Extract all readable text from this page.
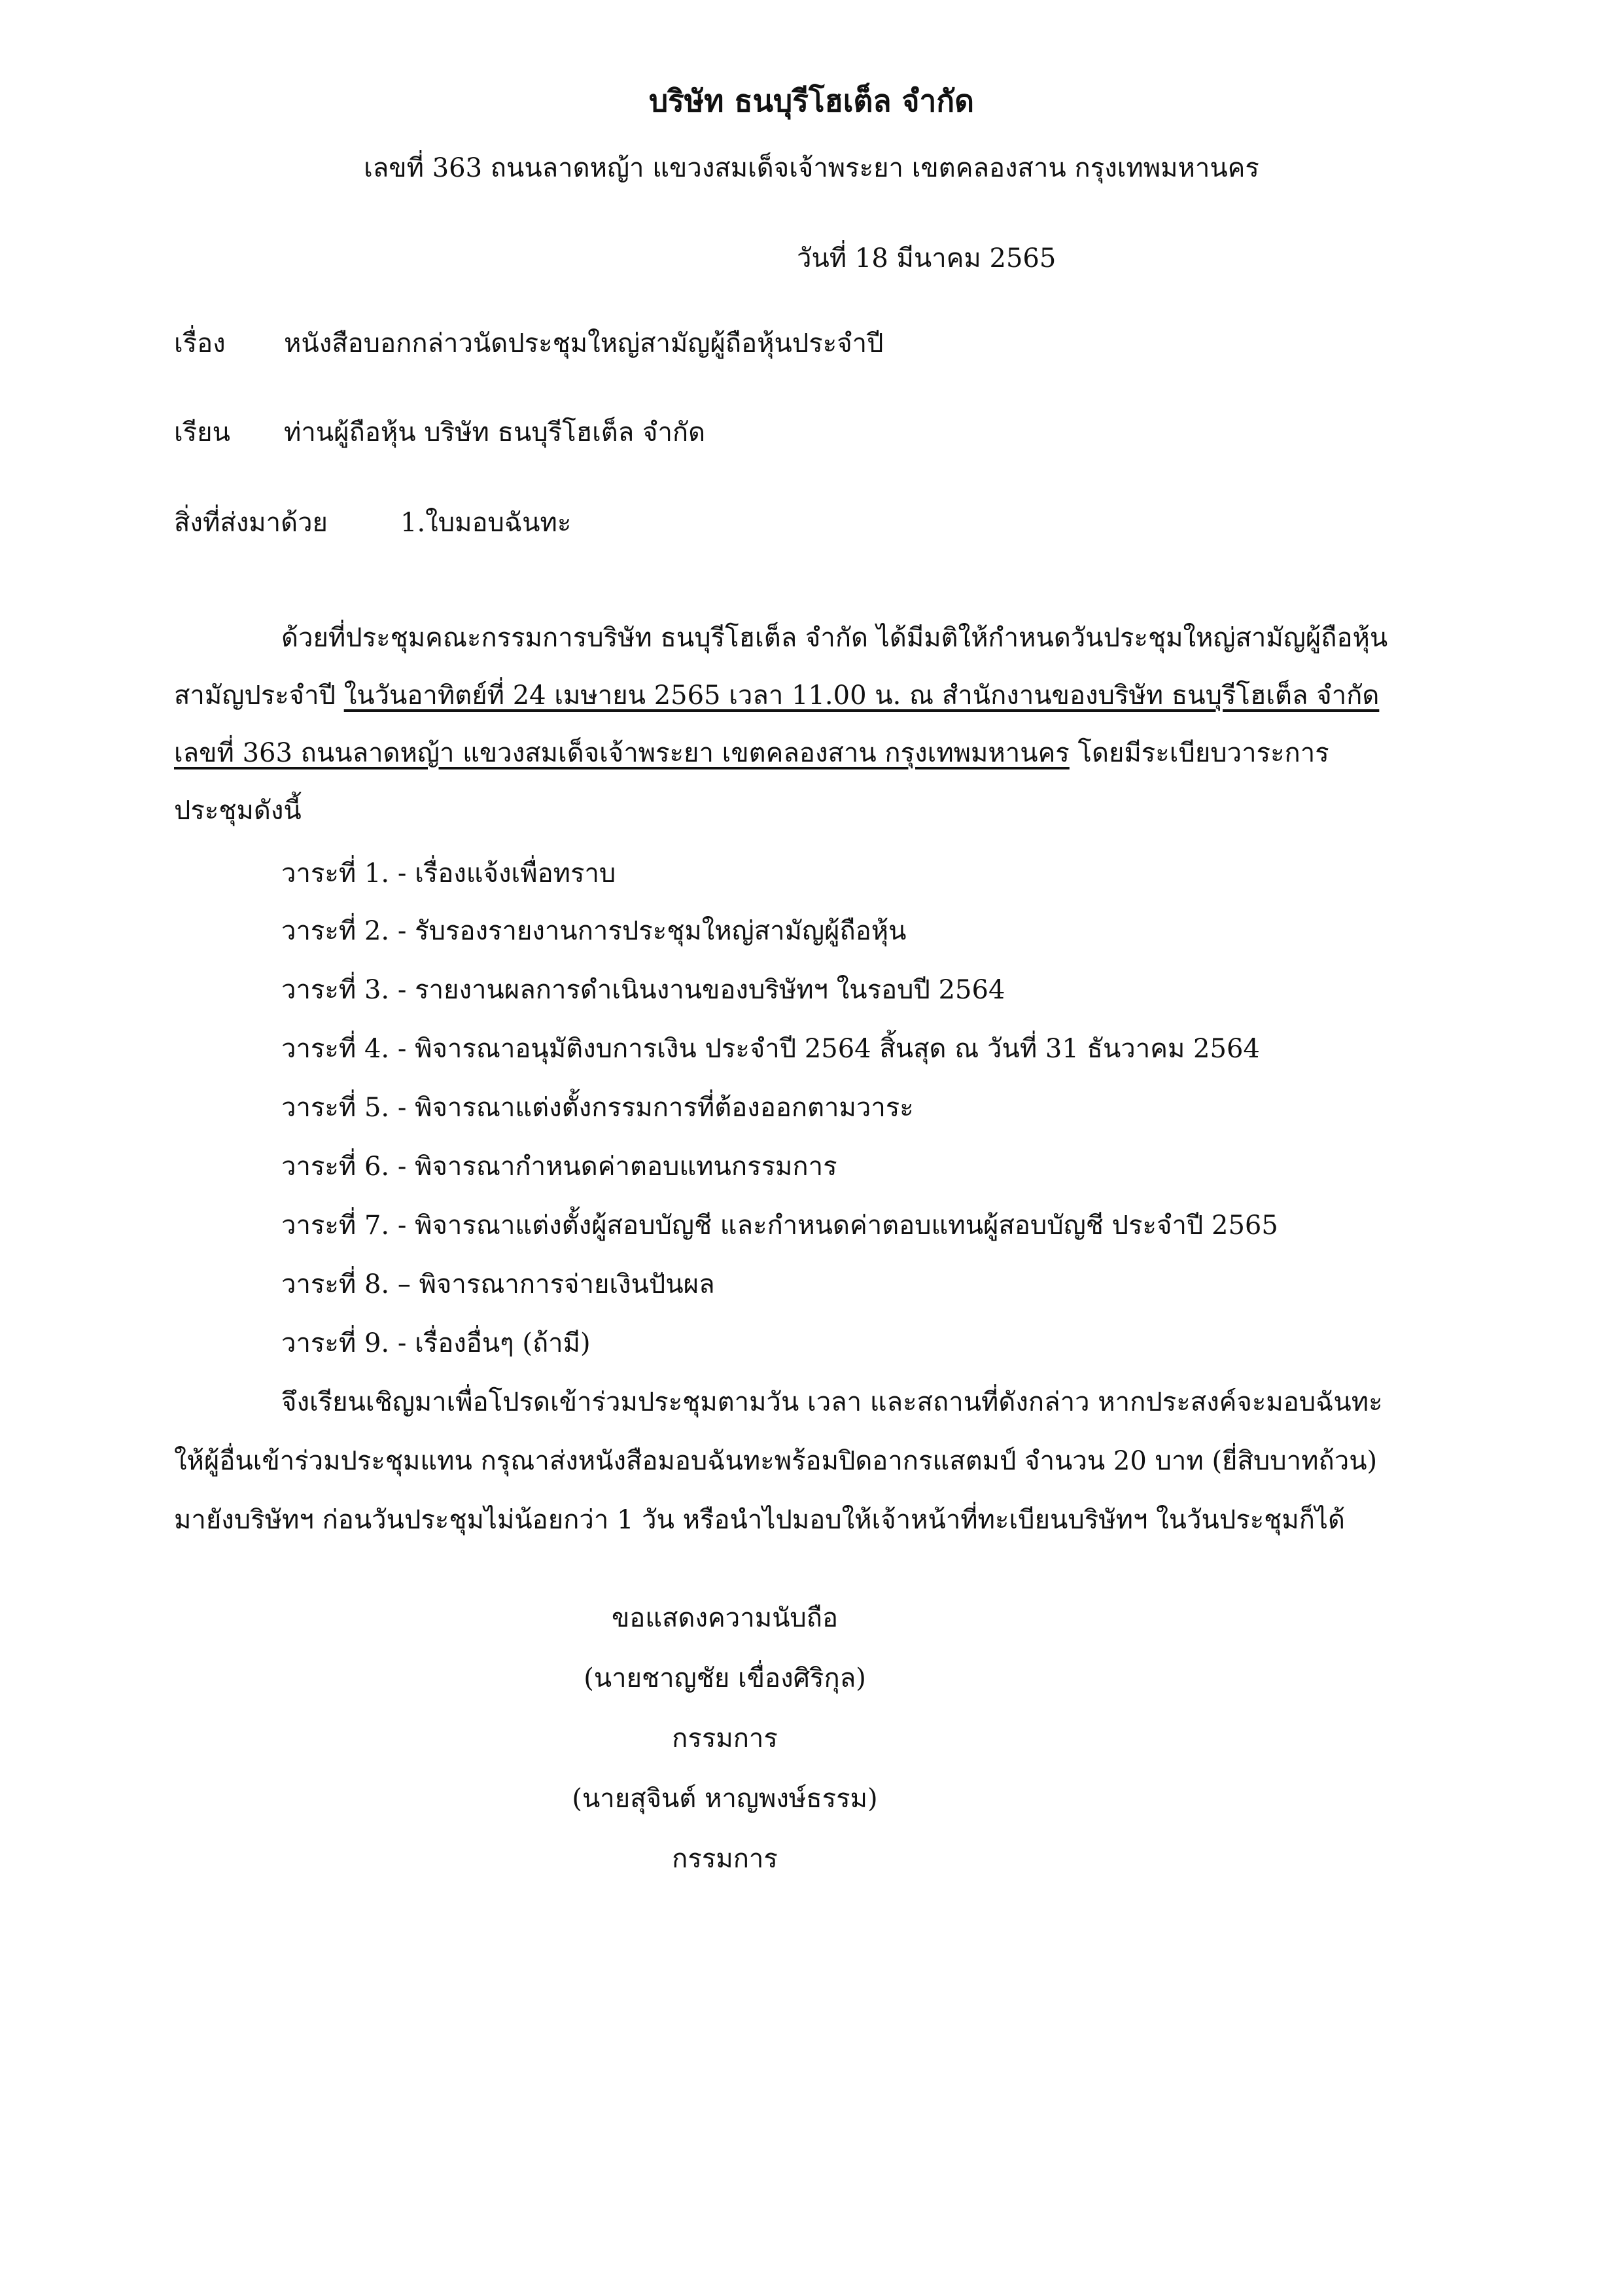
บริษัท ธนบุรีโฮเต็ล จำกัด
เลขที่ 363 ถนนลาดหญ้า แขวงสมเด็จเจ้าพระยา เขตคลองสาน กรุงเทพมหานคร
วันที่ 18 มีนาคม 2565
เรื่อง หนังสือบอกกล่าวนัดประชุมใหญ่สามัญผู้ถือหุ้นประจำปี
เรียน ท่านผู้ถือหุ้น บริษัท ธนบุรีโฮเต็ล จำกัด
สิ่งที่ส่งมาด้วย	1.ใบมอบฉันทะ
ด้วยที่ประชุมคณะกรรมการบริษัท ธนบุรีโฮเต็ล จำกัด ได้มีมติให้กำหนดวันประชุมใหญ่สามัญผู้ถือหุ้น
สามัญประจำปี ในวันอาทิตย์ที่ 24 เมษายน 2565 เวลา 11.00 น. ณ สำนักงานของบริษัท ธนบุรีโฮเต็ล จำกัด
เลขที่ 363 ถนนลาดหญ้า แขวงสมเด็จเจ้าพระยา เขตคลองสาน กรุงเทพมหานคร โดยมีระเบียบวาระการ
ประชุมดังนี้
วาระที่ 1. - เรื่องแจ้งเพื่อทราบ
วาระที่ 2. - รับรองรายงานการประชุมใหญ่สามัญผู้ถือหุ้น
วาระที่ 3. - รายงานผลการดำเนินงานของบริษัทฯ ในรอบปี 2564
วาระที่ 4. - พิจารณาอนุมัติงบการเงิน ประจำปี 2564 สิ้นสุด ณ วันที่ 31 ธันวาคม 2564
วาระที่ 5. - พิจารณาแต่งตั้งกรรมการที่ต้องออกตามวาระ
วาระที่ 6. - พิจารณากำหนดค่าตอบแทนกรรมการ
วาระที่ 7. - พิจารณาแต่งตั้งผู้สอบบัญชี และกำหนดค่าตอบแทนผู้สอบบัญชี ประจำปี 2565
วาระที่ 8. – พิจารณาการจ่ายเงินปันผล
วาระที่ 9. - เรื่องอื่นๆ (ถ้ามี)
จึงเรียนเชิญมาเพื่อโปรดเข้าร่วมประชุมตามวัน เวลา และสถานที่ดังกล่าว หากประสงค์จะมอบฉันทะ
ให้ผู้อื่นเข้าร่วมประชุมแทน กรุณาส่งหนังสือมอบฉันทะพร้อมปิดอากรแสตมป์ จำนวน 20 บาท (ยี่สิบบาทถ้วน)
มายังบริษัทฯ ก่อนวันประชุมไม่น้อยกว่า 1 วัน หรือนำไปมอบให้เจ้าหน้าที่ทะเบียนบริษัทฯ ในวันประชุมก็ได้
ขอแสดงความนับถือ
(นายชาญชัย เขื่องศิริกุล)
กรรมการ
(นายสุจินต์ หาญพงษ์ธรรม)
กรรมการ
